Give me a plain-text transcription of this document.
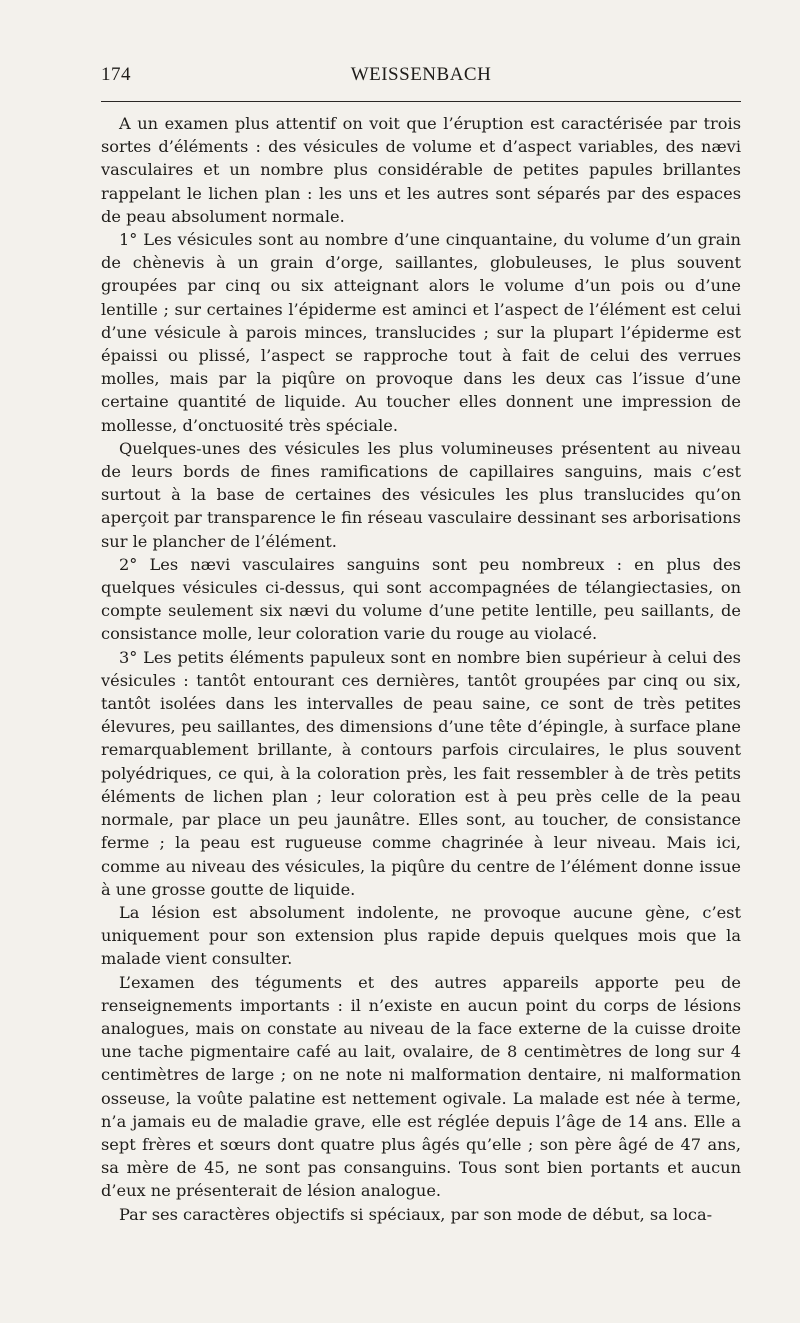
174	WEISSENBACH

A un examen plus attentif on voit que l’éruption est caractérisée par trois sortes d’éléments : des vésicules de volume et d’aspect variables, des nævi vasculaires et un nombre plus considérable de petites papules brillantes rappelant le lichen plan : les uns et les autres sont séparés par des espaces de peau absolument normale.

1° Les vésicules sont au nombre d’une cinquantaine, du volume d’un grain de chènevis à un grain d’orge, saillantes, globuleuses, le plus souvent groupées par cinq ou six atteignant alors le volume d’un pois ou d’une lentille ; sur certaines l’épiderme est aminci et l’aspect de l’élément est celui d’une vésicule à parois minces, translucides ; sur la plupart l’épiderme est épaissi ou plissé, l’aspect se rapproche tout à fait de celui des verrues molles, mais par la piqûre on provoque dans les deux cas l’issue d’une certaine quantité de liquide. Au toucher elles donnent une impression de mollesse, d’onctuosité très spéciale.

Quelques-unes des vésicules les plus volumineuses présentent au niveau de leurs bords de fines ramifications de capillaires sanguins, mais c’est surtout à la base de certaines des vésicules les plus translucides qu’on aperçoit par transparence le fin réseau vasculaire dessinant ses arborisations sur le plancher de l’élément.

2° Les nævi vasculaires sanguins sont peu nombreux : en plus des quelques vésicules ci-dessus, qui sont accompagnées de télangiectasies, on compte seulement six nævi du volume d’une petite lentille, peu saillants, de consistance molle, leur coloration varie du rouge au violacé.

3° Les petits éléments papuleux sont en nombre bien supérieur à celui des vésicules : tantôt entourant ces dernières, tantôt groupées par cinq ou six, tantôt isolées dans les intervalles de peau saine, ce sont de très petites élevures, peu saillantes, des dimensions d’une tête d’épingle, à surface plane remarquablement brillante, à contours parfois circulaires, le plus souvent polyédriques, ce qui, à la coloration près, les fait ressembler à de très petits éléments de lichen plan ; leur coloration est à peu près celle de la peau normale, par place un peu jaunâtre. Elles sont, au toucher, de consistance ferme ; la peau est rugueuse comme chagrinée à leur niveau. Mais ici, comme au niveau des vésicules, la piqûre du centre de l’élément donne issue à une grosse goutte de liquide.

La lésion est absolument indolente, ne provoque aucune gène, c’est uniquement pour son extension plus rapide depuis quelques mois que la malade vient consulter.

L’examen des téguments et des autres appareils apporte peu de renseignements importants : il n’existe en aucun point du corps de lésions analogues, mais on constate au niveau de la face externe de la cuisse droite une tache pigmentaire café au lait, ovalaire, de 8 centimètres de long sur 4 centimètres de large ; on ne note ni malformation dentaire, ni malformation osseuse, la voûte palatine est nettement ogivale. La malade est née à terme, n’a jamais eu de maladie grave, elle est réglée depuis l’âge de 14 ans. Elle a sept frères et sœurs dont quatre plus âgés qu’elle ; son père âgé de 47 ans, sa mère de 45, ne sont pas consanguins. Tous sont bien portants et aucun d’eux ne présenterait de lésion analogue.

Par ses caractères objectifs si spéciaux, par son mode de début, sa loca-
